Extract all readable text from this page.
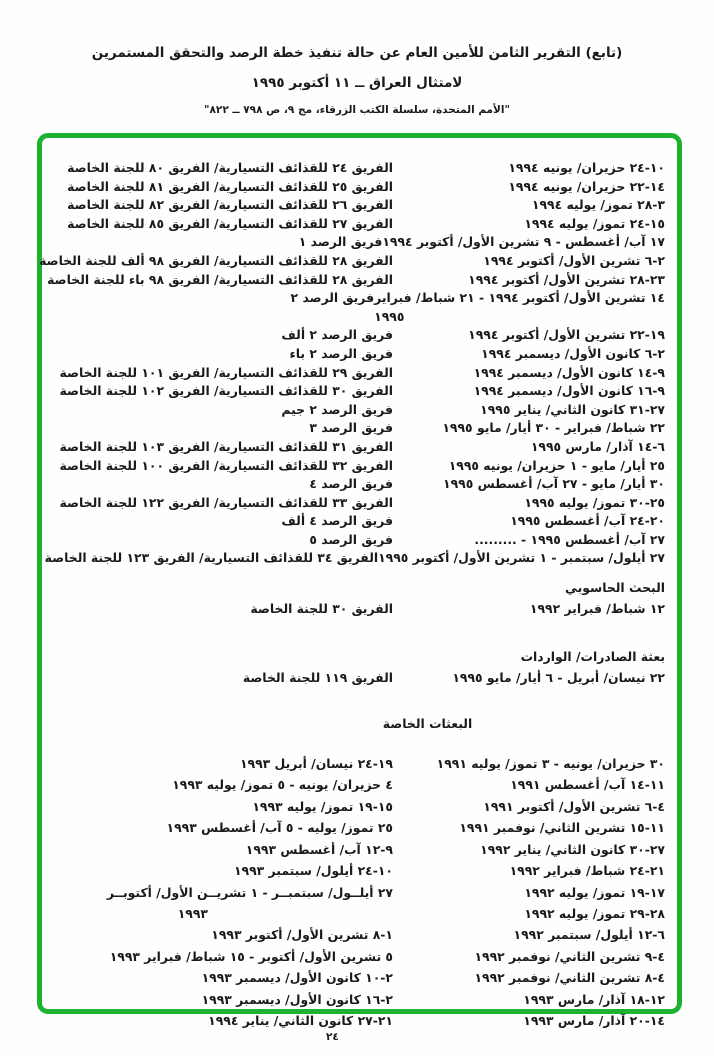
(تابع) التقرير الثامن للأمين العام عن حالة تنفيذ خطة الرصد والتحقق المستمرين
لامتثال العراق ــ ١١ أكتوبر ١٩٩٥
"الأمم المتحدة، سلسلة الكتب الزرقاء، مج ٩، ص ٧٩٨ ــ ٨٢٢"
١٠-٢٤ حزيران/ يونيه ١٩٩٤
الفريق ٢٤ للقذائف التسيارية/ الفريق ٨٠ للجنة الخاصة
١٤-٢٢ حزيران/ يونيه ١٩٩٤
الفريق ٢٥ للقذائف التسيارية/ الفريق ٨١ للجنة الخاصة
٣-٢٨ تموز/ يوليه ١٩٩٤
الفريق ٢٦ للقذائف التسيارية/ الفريق ٨٢ للجنة الخاصة
١٥-٢٤ تموز/ يوليه ١٩٩٤
الفريق ٢٧ للقذائف التسيارية/ الفريق ٨٥ للجنة الخاصة
١٧ آب/ أغسطس - ٩ تشرين الأول/ أكتوبر ١٩٩٤
فريق الرصد ١
٢-٦ تشرين الأول/ أكتوبر ١٩٩٤
الفريق ٢٨ للقذائف التسيارية/ الفريق ٩٨ ألف للجنة الخاصة
٢٣-٢٨ تشرين الأول/ أكتوبر ١٩٩٤
الفريق ٢٨ للقذائف التسيارية/ الفريق ٩٨ باء للجنة الخاصة
١٤ تشرين الأول/ أكتوبر ١٩٩٤ - ٢١ شباط/ فبراير
١٩٩٥
فريق الرصد ٢
١٩-٢٢ تشرين الأول/ أكتوبر ١٩٩٤
فريق الرصد ٢ ألف
٢-٦ كانون الأول/ ديسمبر ١٩٩٤
فريق الرصد ٢ باء
٩-١٤ كانون الأول/ ديسمبر ١٩٩٤
الفريق ٢٩ للقذائف التسيارية/ الفريق ١٠١ للجنة الخاصة
٩-١٦ كانون الأول/ ديسمبر ١٩٩٤
الفريق ٣٠ للقذائف التسيارية/ الفريق ١٠٢ للجنة الخاصة
٢٧-٣١ كانون الثاني/ يناير ١٩٩٥
فريق الرصد ٢ جيم
٢٢ شباط/ فبراير - ٣٠ أيار/ مايو ١٩٩٥
فريق الرصد ٣
٦-١٤ آذار/ مارس ١٩٩٥
الفريق ٣١ للقذائف التسيارية/ الفريق ١٠٣ للجنة الخاصة
٢٥ أيار/ مايو - ١ حزيران/ يونيه ١٩٩٥
الفريق ٣٢ للقذائف التسيارية/ الفريق ١٠٠ للجنة الخاصة
٣٠ أيار/ مايو - ٢٧ آب/ أغسطس ١٩٩٥
فريق الرصد ٤
٢٥-٣٠ تموز/ يوليه ١٩٩٥
الفريق ٣٣ للقذائف التسيارية/ الفريق ١٢٢ للجنة الخاصة
٢٠-٢٤ آب/ أغسطس ١٩٩٥
فريق الرصد ٤ ألف
٢٧ آب/ أغسطس ١٩٩٥ - .........
فريق الرصد ٥
٢٧ أيلول/ سبتمبر - ١ تشرين الأول/ أكتوبر ١٩٩٥
الفريق ٣٤ للقذائف التسيارية/ الفريق ١٢٣ للجنة الخاصة
البحث الحاسوبي
١٢ شباط/ فبراير ١٩٩٢
الفريق ٣٠ للجنة الخاصة
بعثة الصادرات/ الواردات
٢٢ نيسان/ أبريل - ٦ أيار/ مايو ١٩٩٥
الفريق ١١٩ للجنة الخاصة
البعثات الخاصة
٣٠ حزيران/ يونيه - ٣ تموز/ يوليه ١٩٩١
١٩-٢٤ نيسان/ أبريل ١٩٩٣
١١-١٤ آب/ أغسطس ١٩٩١
٤ حزيران/ يونيه - ٥ تموز/ يوليه ١٩٩٣
٤-٦ تشرين الأول/ أكتوبر ١٩٩١
١٥-١٩ تموز/ يوليه ١٩٩٣
١١-١٥ تشرين الثاني/ نوفمبر ١٩٩١
٢٥ تموز/ يوليه - ٥ آب/ أغسطس ١٩٩٣
٢٧-٣٠ كانون الثاني/ يناير ١٩٩٢
٩-١٢ آب/ أغسطس ١٩٩٣
٢١-٢٤ شباط/ فبراير ١٩٩٢
١٠-٢٤ أيلول/ سبتمبر ١٩٩٣
١٧-١٩ تموز/ يوليه ١٩٩٢
٢٧ أيلــول/ سبتمبــر - ١ تشريــن الأول/ أكتوبــر
٢٨-٢٩ تموز/ يوليه ١٩٩٢
١٩٩٣
٦-١٢ أيلول/ سبتمبر ١٩٩٢
١-٨ تشرين الأول/ أكتوبر ١٩٩٣
٤-٩ تشرين الثاني/ نوفمبر ١٩٩٢
٥ تشرين الأول/ أكتوبر - ١٥ شباط/ فبراير ١٩٩٣
٤-٨ تشرين الثاني/ نوفمبر ١٩٩٢
٢-١٠ كانون الأول/ ديسمبر ١٩٩٣
١٢-١٨ آذار/ مارس ١٩٩٣
٢-١٦ كانون الأول/ ديسمبر ١٩٩٣
١٤-٢٠ آذار/ مارس ١٩٩٣
٢١-٢٧ كانون الثاني/ يناير ١٩٩٤
٢٤
